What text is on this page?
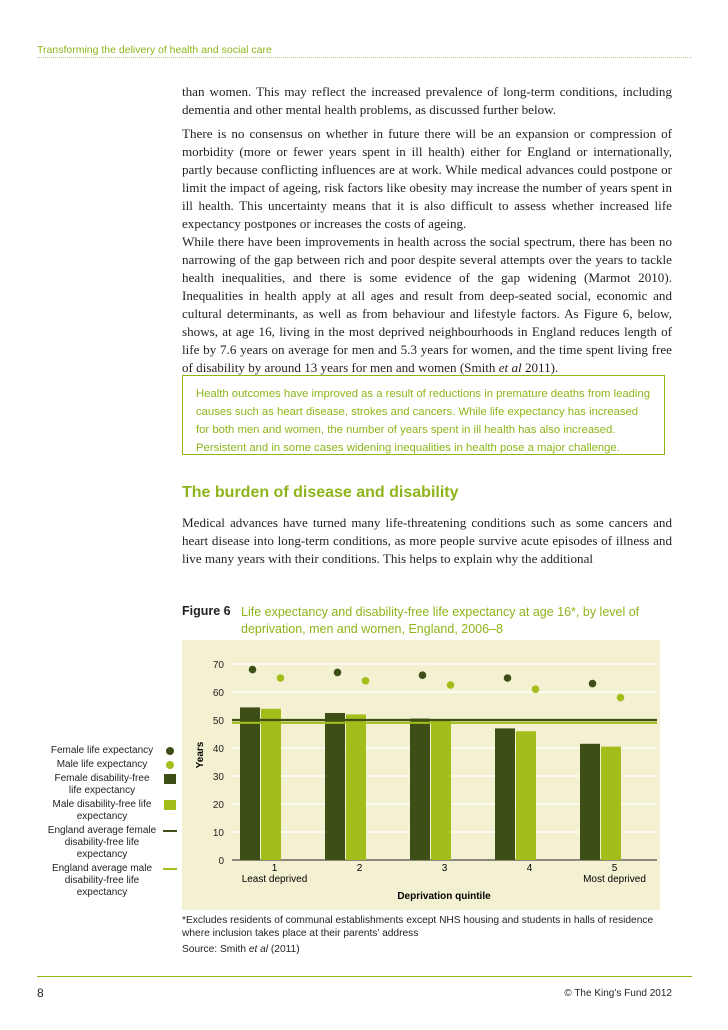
Transforming the delivery of health and social care

than women. This may reflect the increased prevalence of long-term conditions, including dementia and other mental health problems, as discussed further below.

There is no consensus on whether in future there will be an expansion or compression of morbidity (more or fewer years spent in ill health) either for England or internationally, partly because conflicting influences are at work. While medical advances could postpone or limit the impact of ageing, risk factors like obesity may increase the number of years spent in ill health. This uncertainty means that it is also difficult to assess whether increased life expectancy postpones or increases the costs of ageing.

While there have been improvements in health across the social spectrum, there has been no narrowing of the gap between rich and poor despite several attempts over the years to tackle health inequalities, and there is some evidence of the gap widening (Marmot 2010). Inequalities in health apply at all ages and result from deep-seated social, economic and cultural determinants, as well as from behaviour and lifestyle factors. As Figure 6, below, shows, at age 16, living in the most deprived neighbourhoods in England reduces length of life by 7.6 years on average for men and 5.3 years for women, and the time spent living free of disability by around 13 years for men and women (Smith et al 2011).

Health outcomes have improved as a result of reductions in premature deaths from leading causes such as heart disease, strokes and cancers. While life expectancy has increased for both men and women, the number of years spent in ill health has also increased. Persistent and in some cases widening inequalities in health pose a major challenge.

The burden of disease and disability

Medical advances have turned many life-threatening conditions such as some cancers and heart disease into long-term conditions, as more people survive acute episodes of illness and live many years with their conditions. This helps to explain why the additional

Figure 6 Life expectancy and disability-free life expectancy at age 16*, by level of deprivation, men and women, England, 2006–8
0
10
20
30
40
50
60
70
Years
1
Least deprived
2	3	4	5
Most deprived
Deprivation quintile
Female life expectancy
Male life expectancy
Female disability-free life expectancy
Male disability-free life expectancy
England average female disability-free life expectancy
England average male disability-free life expectancy

*Excludes residents of communal establishments except NHS housing and students in halls of residence where inclusion takes place at their parents’ address

Source: Smith et al (2011)
8	© The King’s Fund 2012
